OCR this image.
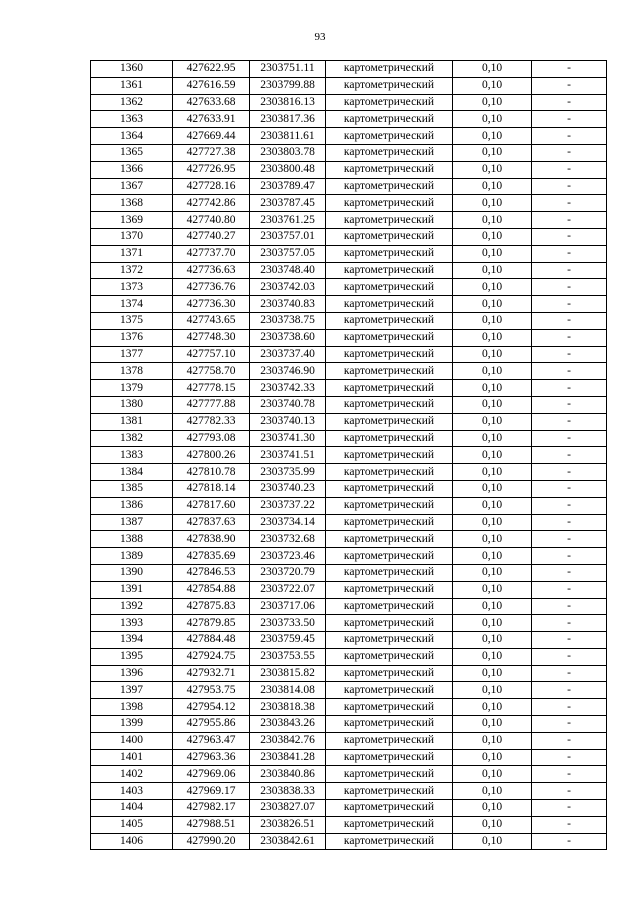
93
1360	427622.95	2303751.11	картометрический	0,10	-
1361	427616.59	2303799.88	картометрический	0,10	-
1362	427633.68	2303816.13	картометрический	0,10	-
1363	427633.91	2303817.36	картометрический	0,10	-
1364	427669.44	2303811.61	картометрический	0,10	-
1365	427727.38	2303803.78	картометрический	0,10	-
1366	427726.95	2303800.48	картометрический	0,10	-
1367	427728.16	2303789.47	картометрический	0,10	-
1368	427742.86	2303787.45	картометрический	0,10	-
1369	427740.80	2303761.25	картометрический	0,10	-
1370	427740.27	2303757.01	картометрический	0,10	-
1371	427737.70	2303757.05	картометрический	0,10	-
1372	427736.63	2303748.40	картометрический	0,10	-
1373	427736.76	2303742.03	картометрический	0,10	-
1374	427736.30	2303740.83	картометрический	0,10	-
1375	427743.65	2303738.75	картометрический	0,10	-
1376	427748.30	2303738.60	картометрический	0,10	-
1377	427757.10	2303737.40	картометрический	0,10	-
1378	427758.70	2303746.90	картометрический	0,10	-
1379	427778.15	2303742.33	картометрический	0,10	-
1380	427777.88	2303740.78	картометрический	0,10	-
1381	427782.33	2303740.13	картометрический	0,10	-
1382	427793.08	2303741.30	картометрический	0,10	-
1383	427800.26	2303741.51	картометрический	0,10	-
1384	427810.78	2303735.99	картометрический	0,10	-
1385	427818.14	2303740.23	картометрический	0,10	-
1386	427817.60	2303737.22	картометрический	0,10	-
1387	427837.63	2303734.14	картометрический	0,10	-
1388	427838.90	2303732.68	картометрический	0,10	-
1389	427835.69	2303723.46	картометрический	0,10	-
1390	427846.53	2303720.79	картометрический	0,10	-
1391	427854.88	2303722.07	картометрический	0,10	-
1392	427875.83	2303717.06	картометрический	0,10	-
1393	427879.85	2303733.50	картометрический	0,10	-
1394	427884.48	2303759.45	картометрический	0,10	-
1395	427924.75	2303753.55	картометрический	0,10	-
1396	427932.71	2303815.82	картометрический	0,10	-
1397	427953.75	2303814.08	картометрический	0,10	-
1398	427954.12	2303818.38	картометрический	0,10	-
1399	427955.86	2303843.26	картометрический	0,10	-
1400	427963.47	2303842.76	картометрический	0,10	-
1401	427963.36	2303841.28	картометрический	0,10	-
1402	427969.06	2303840.86	картометрический	0,10	-
1403	427969.17	2303838.33	картометрический	0,10	-
1404	427982.17	2303827.07	картометрический	0,10	-
1405	427988.51	2303826.51	картометрический	0,10	-
1406	427990.20	2303842.61	картометрический	0,10	-
